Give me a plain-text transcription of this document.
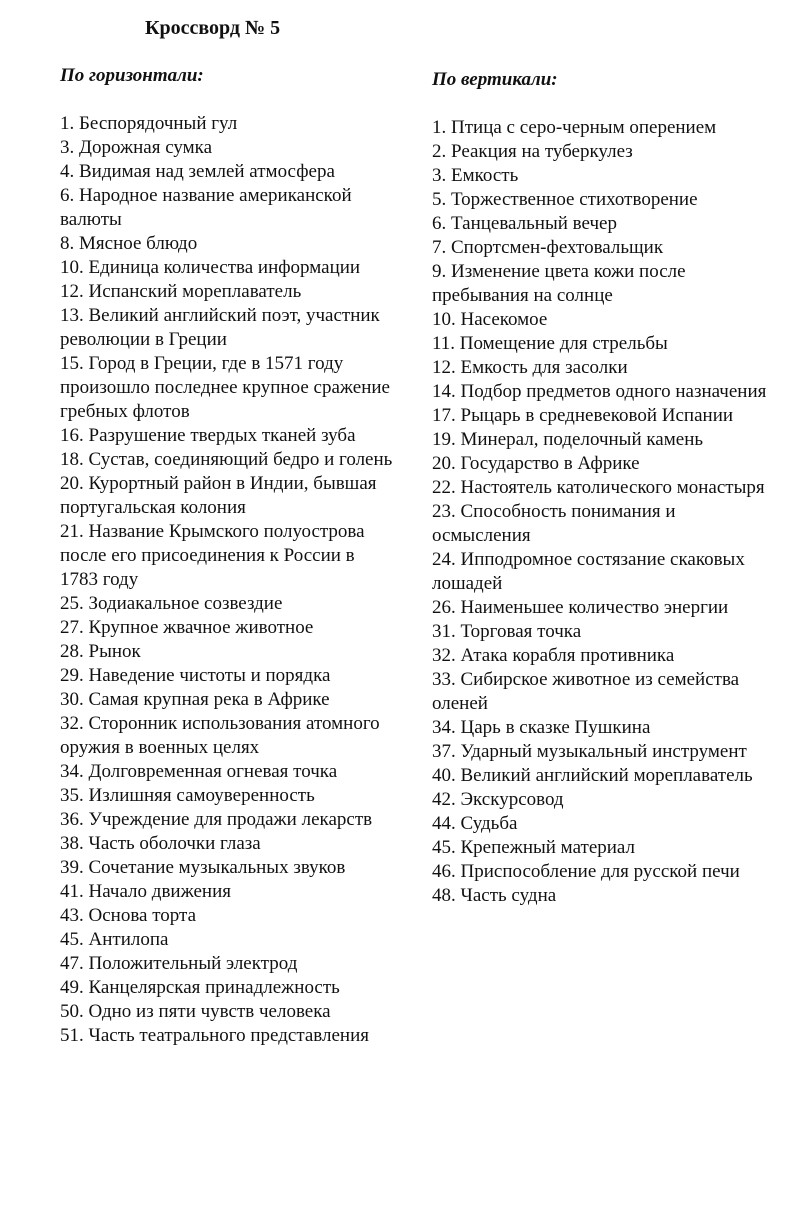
Кроссворд № 5
По горизонтали:
1. Беспорядочный гул
3. Дорожная сумка
4. Видимая над землей атмосфера
6. Народное название американской валюты
8. Мясное блюдо
10. Единица количества информации
12. Испанский мореплаватель
13. Великий английский поэт, участник революции в Греции
15. Город в Греции, где в 1571 году произошло последнее крупное сражение гребных флотов
16. Разрушение твердых тканей зуба
18. Сустав, соединяющий бедро и голень
20. Курортный район в Индии, бывшая португальская колония
21. Название Крымского полуострова после его присоединения к России в 1783 году
25. Зодиакальное созвездие
27. Крупное жвачное животное
28. Рынок
29. Наведение чистоты и порядка
30. Самая крупная река в Африке
32. Сторонник использования атомного оружия в военных целях
34. Долговременная огневая точка
35. Излишняя самоуверенность
36. Учреждение для продажи лекарств
38. Часть оболочки глаза
39. Сочетание музыкальных звуков
41. Начало движения
43. Основа торта
45. Антилопа
47. Положительный электрод
49. Канцелярская принадлежность
50. Одно из пяти чувств человека
51. Часть театрального представления
По вертикали:
1. Птица с серо-черным оперением
2. Реакция на туберкулез
3. Емкость
5. Торжественное стихотворение
6. Танцевальный вечер
7. Спортсмен-фехтовальщик
9. Изменение цвета кожи после пребывания на солнце
10. Насекомое
11. Помещение для стрельбы
12. Емкость для засолки
14. Подбор предметов одного назначения
17. Рыцарь в средневековой Испании
19. Минерал, поделочный камень
20. Государство в Африке
22. Настоятель католического монастыря
23. Способность понимания и осмысления
24. Ипподромное состязание скаковых лошадей
26. Наименьшее количество энергии
31. Торговая точка
32. Атака корабля противника
33. Сибирское животное из семейства оленей
34. Царь в сказке Пушкина
37. Ударный музыкальный инструмент
40. Великий английский мореплаватель
42. Экскурсовод
44. Судьба
45. Крепежный материал
46. Приспособление для русской печи
48. Часть судна
